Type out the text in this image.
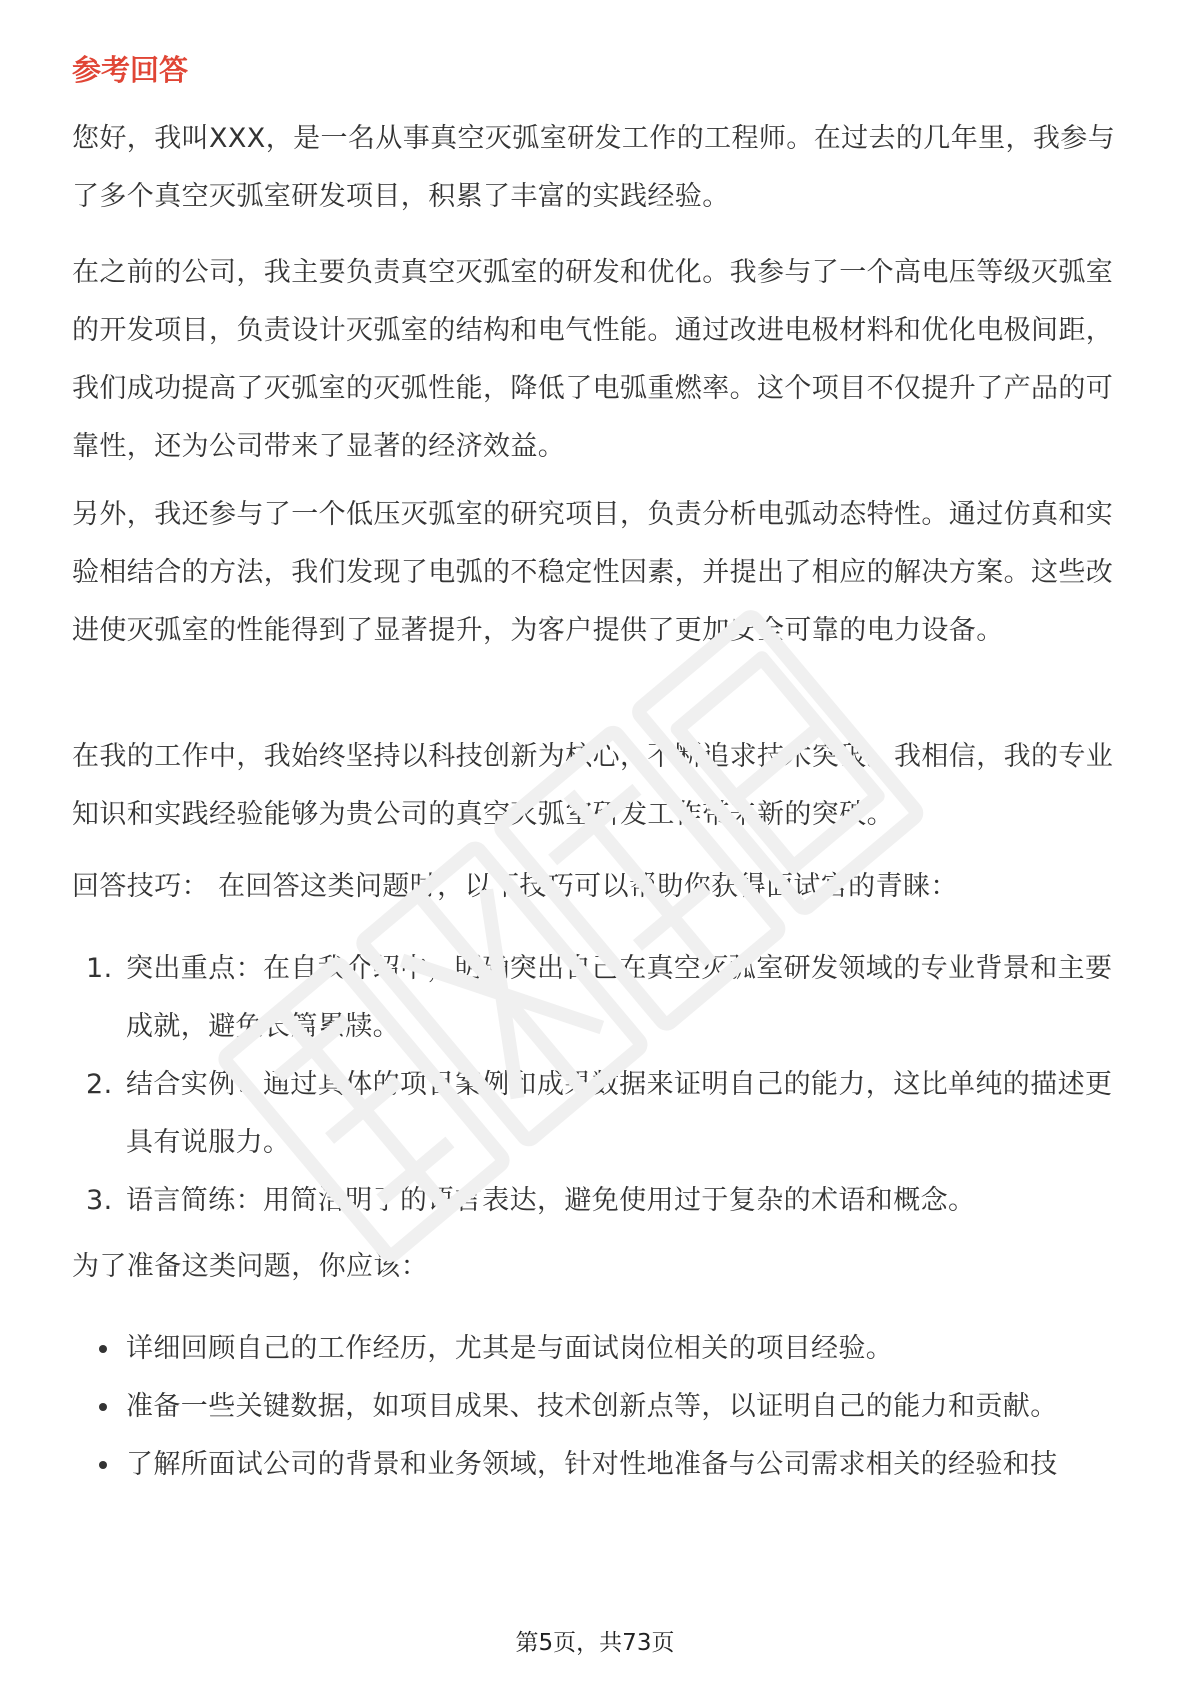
参考回答

您好，我叫XXX，是一名从事真空灭弧室研发工作的工程师。在过去的几年里，我参与了多个真空灭弧室研发项目，积累了丰富的实践经验。

在之前的公司，我主要负责真空灭弧室的研发和优化。我参与了一个高电压等级灭弧室的开发项目，负责设计灭弧室的结构和电气性能。通过改进电极材料和优化电极间距，我们成功提高了灭弧室的灭弧性能，降低了电弧重燃率。这个项目不仅提升了产品的可靠性，还为公司带来了显著的经济效益。

另外，我还参与了一个低压灭弧室的研究项目，负责分析电弧动态特性。通过仿真和实验相结合的方法，我们发现了电弧的不稳定性因素，并提出了相应的解决方案。这些改进使灭弧室的性能得到了显著提升，为客户提供了更加安全可靠的电力设备。

在我的工作中，我始终坚持以科技创新为核心，不断追求技术突破。我相信，我的专业知识和实践经验能够为贵公司的真空灭弧室研发工作带来新的突破。

回答技巧： 在回答这类问题时，以下技巧可以帮助你获得面试官的青睐：

1. 突出重点：在自我介绍中，明确突出自己在真空灭弧室研发领域的专业背景和主要成就，避免长篇累牍。
2. 结合实例：通过具体的项目案例和成果数据来证明自己的能力，这比单纯的描述更具有说服力。
3. 语言简练：用简洁明了的语言表达，避免使用过于复杂的术语和概念。

为了准备这类问题，你应该：

详细回顾自己的工作经历，尤其是与面试岗位相关的项目经验。
准备一些关键数据，如项目成果、技术创新点等，以证明自己的能力和贡献。
了解所面试公司的背景和业务领域，针对性地准备与公司需求相关的经验和技
第5页，共73页
